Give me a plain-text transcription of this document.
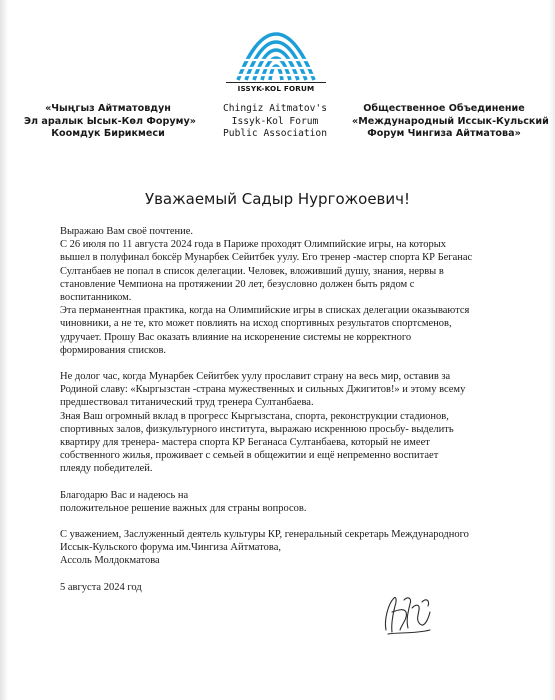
ISSYK-KOL FORUM
«Чыңгыз Айтматовдун
Эл аралык Ысык-Көл Форуму»
Коомдук Бирикмеси
Chingiz Aitmatov's
Issyk-Kol Forum
Public Association
Общественное Объединение
«Международный Иссык-Кульский
Форум Чингиза Айтматова»
Уважаемый Садыр Нургожоевич!

Выражаю Вам своё почтение.
С 26 июля по 11 августа 2024 года в Париже проходят Олимпийские игры, на которых
вышел в полуфинал боксёр Мунарбек Сейитбек уулу. Его тренер -мастер спорта КР Беганас
Султанбаев не попал в список делегации. Человек, вложивший душу, знания, нервы в
становление Чемпиона на протяжении 20 лет, безусловно должен быть рядом с
воспитанником.
Эта перманентная практика, когда на Олимпийские игры в списках делегации оказываются
чиновники, а не те, кто может повлиять на исход спортивных результатов спортсменов,
удручает. Прошу Вас оказать влияние на искоренение системы не корректного
формирования списков.

Не долог час, когда Мунарбек Сейитбек уулу прославит страну на весь мир, оставив за
Родиной славу: «Кыргызстан -страна мужественных и сильных Джигитов!» и этому всему
предшествовал титанический труд тренера Султанбаева.
Зная Ваш огромный вклад в прогресс Кыргызстана, спорта, реконструкции стадионов,
спортивных залов, физкультурного института, выражаю искреннюю просьбу- выделить
квартиру для тренера- мастера спорта КР Беганаса Султанбаева, который не имеет
собственного жилья, проживает с семьей в общежитии и ещё непременно воспитает
плеяду победителей.

Благодарю Вас и надеюсь на
положительное решение важных для страны вопросов.

С уважением, Заслуженный деятель культуры КР, генеральный секретарь Международного
Иссык-Кульского форума им.Чингиза Айтматова,
Ассоль Молдокматова

5 августа 2024 год
